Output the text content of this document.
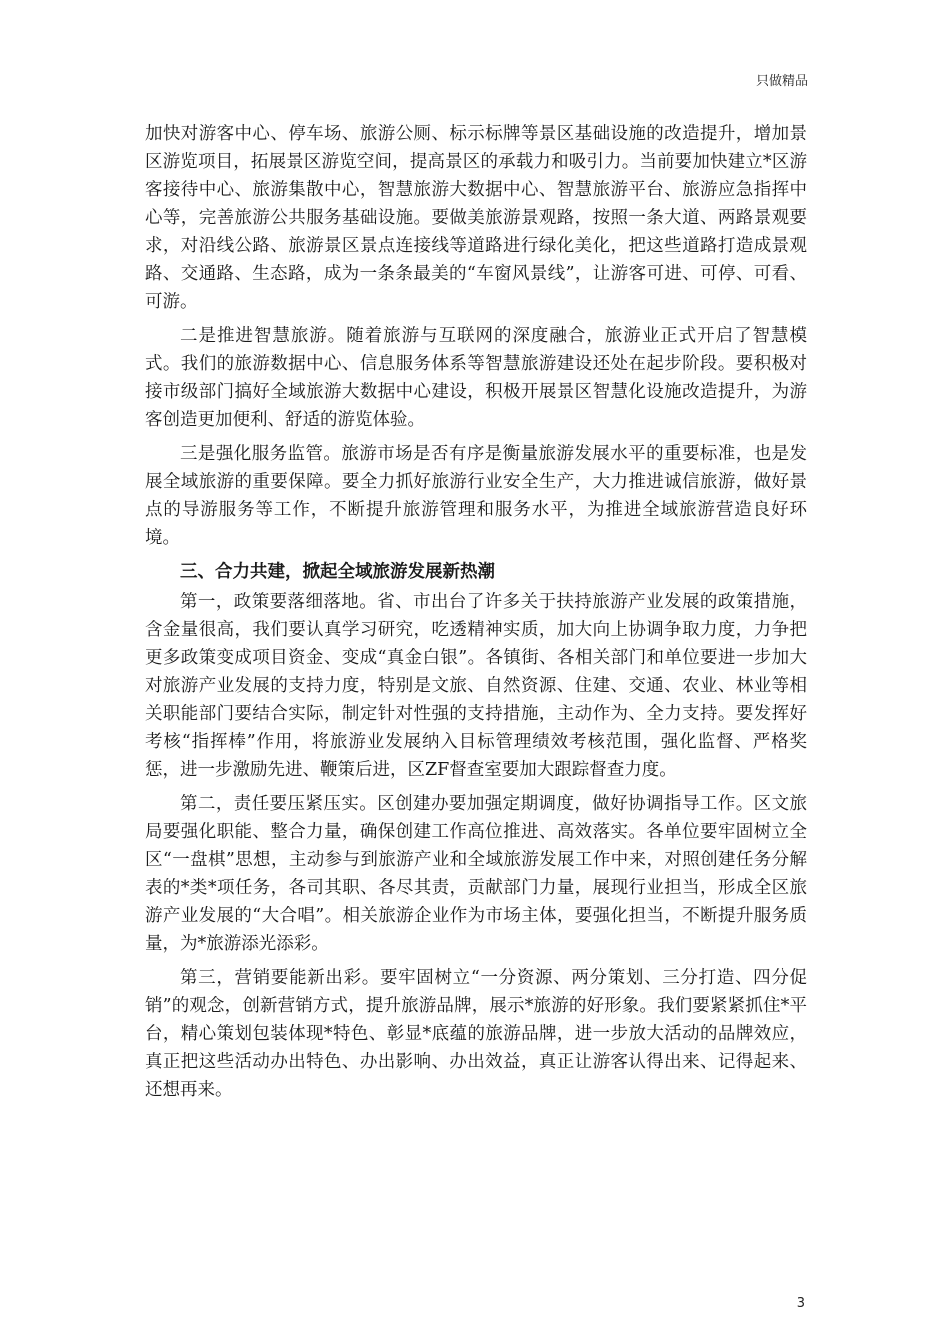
只做精品

加快对游客中心、停车场、旅游公厕、标示标牌等景区基础设施的改造提升，增加景区游览项目，拓展景区游览空间，提高景区的承载力和吸引力。当前要加快建立*区游客接待中心、旅游集散中心，智慧旅游大数据中心、智慧旅游平台、旅游应急指挥中心等，完善旅游公共服务基础设施。要做美旅游景观路，按照一条大道、两路景观要求，对沿线公路、旅游景区景点连接线等道路进行绿化美化，把这些道路打造成景观路、交通路、生态路，成为一条条最美的“车窗风景线”，让游客可进、可停、可看、可游。

二是推进智慧旅游。随着旅游与互联网的深度融合，旅游业正式开启了智慧模式。我们的旅游数据中心、信息服务体系等智慧旅游建设还处在起步阶段。要积极对接市级部门搞好全域旅游大数据中心建设，积极开展景区智慧化设施改造提升，为游客创造更加便利、舒适的游览体验。

三是强化服务监管。旅游市场是否有序是衡量旅游发展水平的重要标准，也是发展全域旅游的重要保障。要全力抓好旅游行业安全生产，大力推进诚信旅游，做好景点的导游服务等工作，不断提升旅游管理和服务水平，为推进全域旅游营造良好环境。

三、合力共建，掀起全域旅游发展新热潮

第一，政策要落细落地。省、市出台了许多关于扶持旅游产业发展的政策措施，含金量很高，我们要认真学习研究，吃透精神实质，加大向上协调争取力度，力争把更多政策变成项目资金、变成“真金白银”。各镇街、各相关部门和单位要进一步加大对旅游产业发展的支持力度，特别是文旅、自然资源、住建、交通、农业、林业等相关职能部门要结合实际，制定针对性强的支持措施，主动作为、全力支持。要发挥好考核“指挥棒”作用，将旅游业发展纳入目标管理绩效考核范围，强化监督、严格奖惩，进一步激励先进、鞭策后进，区ZF督查室要加大跟踪督查力度。

第二，责任要压紧压实。区创建办要加强定期调度，做好协调指导工作。区文旅局要强化职能、整合力量，确保创建工作高位推进、高效落实。各单位要牢固树立全区“一盘棋”思想，主动参与到旅游产业和全域旅游发展工作中来，对照创建任务分解表的*类*项任务，各司其职、各尽其责，贡献部门力量，展现行业担当，形成全区旅游产业发展的“大合唱”。相关旅游企业作为市场主体，要强化担当，不断提升服务质量，为*旅游添光添彩。

第三，营销要能新出彩。要牢固树立“一分资源、两分策划、三分打造、四分促销”的观念，创新营销方式，提升旅游品牌，展示*旅游的好形象。我们要紧紧抓住*平台，精心策划包装体现*特色、彰显*底蕴的旅游品牌，进一步放大活动的品牌效应，真正把这些活动办出特色、办出影响、办出效益，真正让游客认得出来、记得起来、还想再来。

3
